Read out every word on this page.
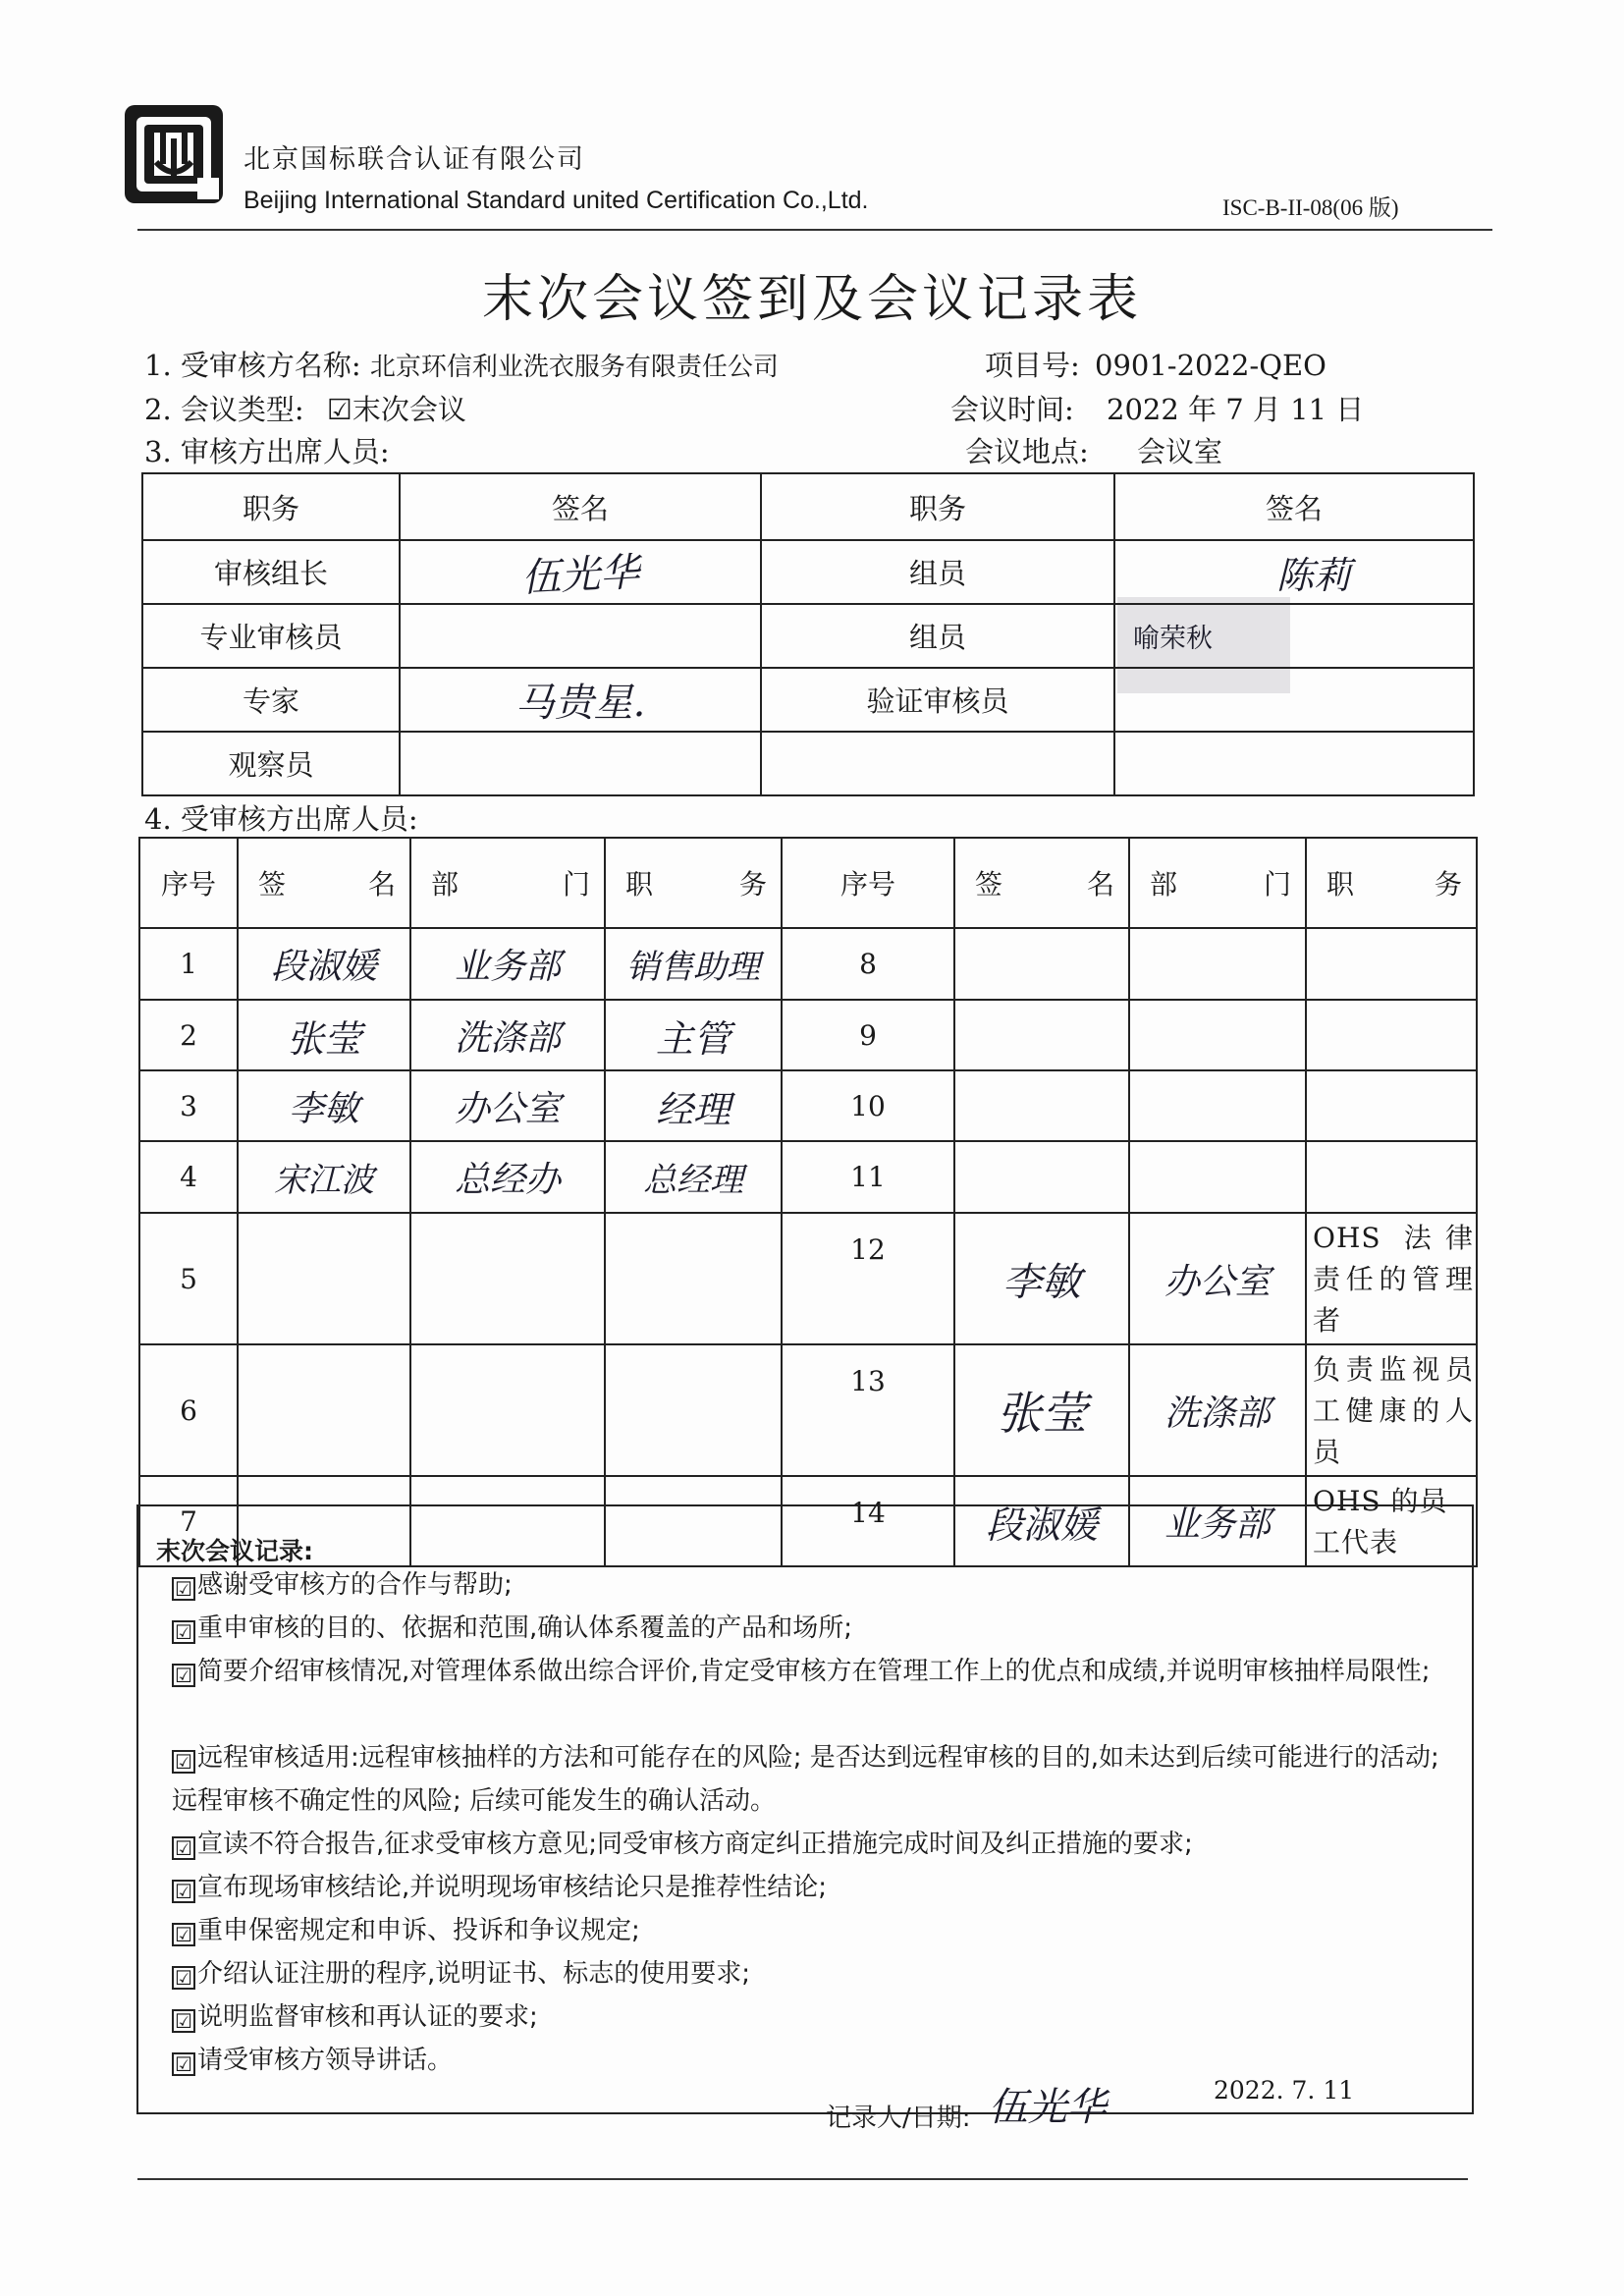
北京国标联合认证有限公司
Beijing International Standard united Certification Co.,Ltd.	ISC-B-II-08(06 版)
末次会议签到及会议记录表
1. 受审核方名称: 北京环信利业洗衣服务有限责任公司	项目号: 0901-2022-QEO
2. 会议类型: ☑末次会议	会议时间: 2022 年 7 月 11 日
3. 审核方出席人员:	会议地点: 会议室
职务	签名	职务	签名
审核组长	伍光华	组员	陈莉
专业审核员		组员	喻荣秋
专家	马贵星.	验证审核员	
观察员			
4. 受审核方出席人员:
序号	签 名	部 门	职 务	序号	签 名	部 门	职 务

1	段淑媛	业务部	销售助理	8			
2	张莹	洗涤部	主管	9			
3	李敏	办公室	经理	10			
4	宋江波	总经办	总经理	11			
5				12	李敏	办公室	OHS 法律责任的管理者
6				13	张莹	洗涤部	负责监视员工健康的人员
7				14	段淑媛	业务部	OHS 的员工代表
末次会议记录:
☑ 感谢受审核方的合作与帮助;
☑ 重申审核的目的、依据和范围,确认体系覆盖的产品和场所;
☑ 简要介绍审核情况,对管理体系做出综合评价,肯定受审核方在管理工作上的优点和成绩,并说明审核抽样局限性;
☑ 远程审核适用:远程审核抽样的方法和可能存在的风险; 是否达到远程审核的目的,如未达到后续可能进行的活动; 远程审核不确定性的风险; 后续可能发生的确认活动。
☑ 宣读不符合报告,征求受审核方意见;同受审核方商定纠正措施完成时间及纠正措施的要求;
☑ 宣布现场审核结论,并说明现场审核结论只是推荐性结论;
☑ 重申保密规定和申诉、投诉和争议规定;
☑ 介绍认证注册的程序,说明证书、标志的使用要求;
☑ 说明监督审核和再认证的要求;
☑ 请受审核方领导讲话。
记录人/日期: 伍光华	2022. 7. 11
